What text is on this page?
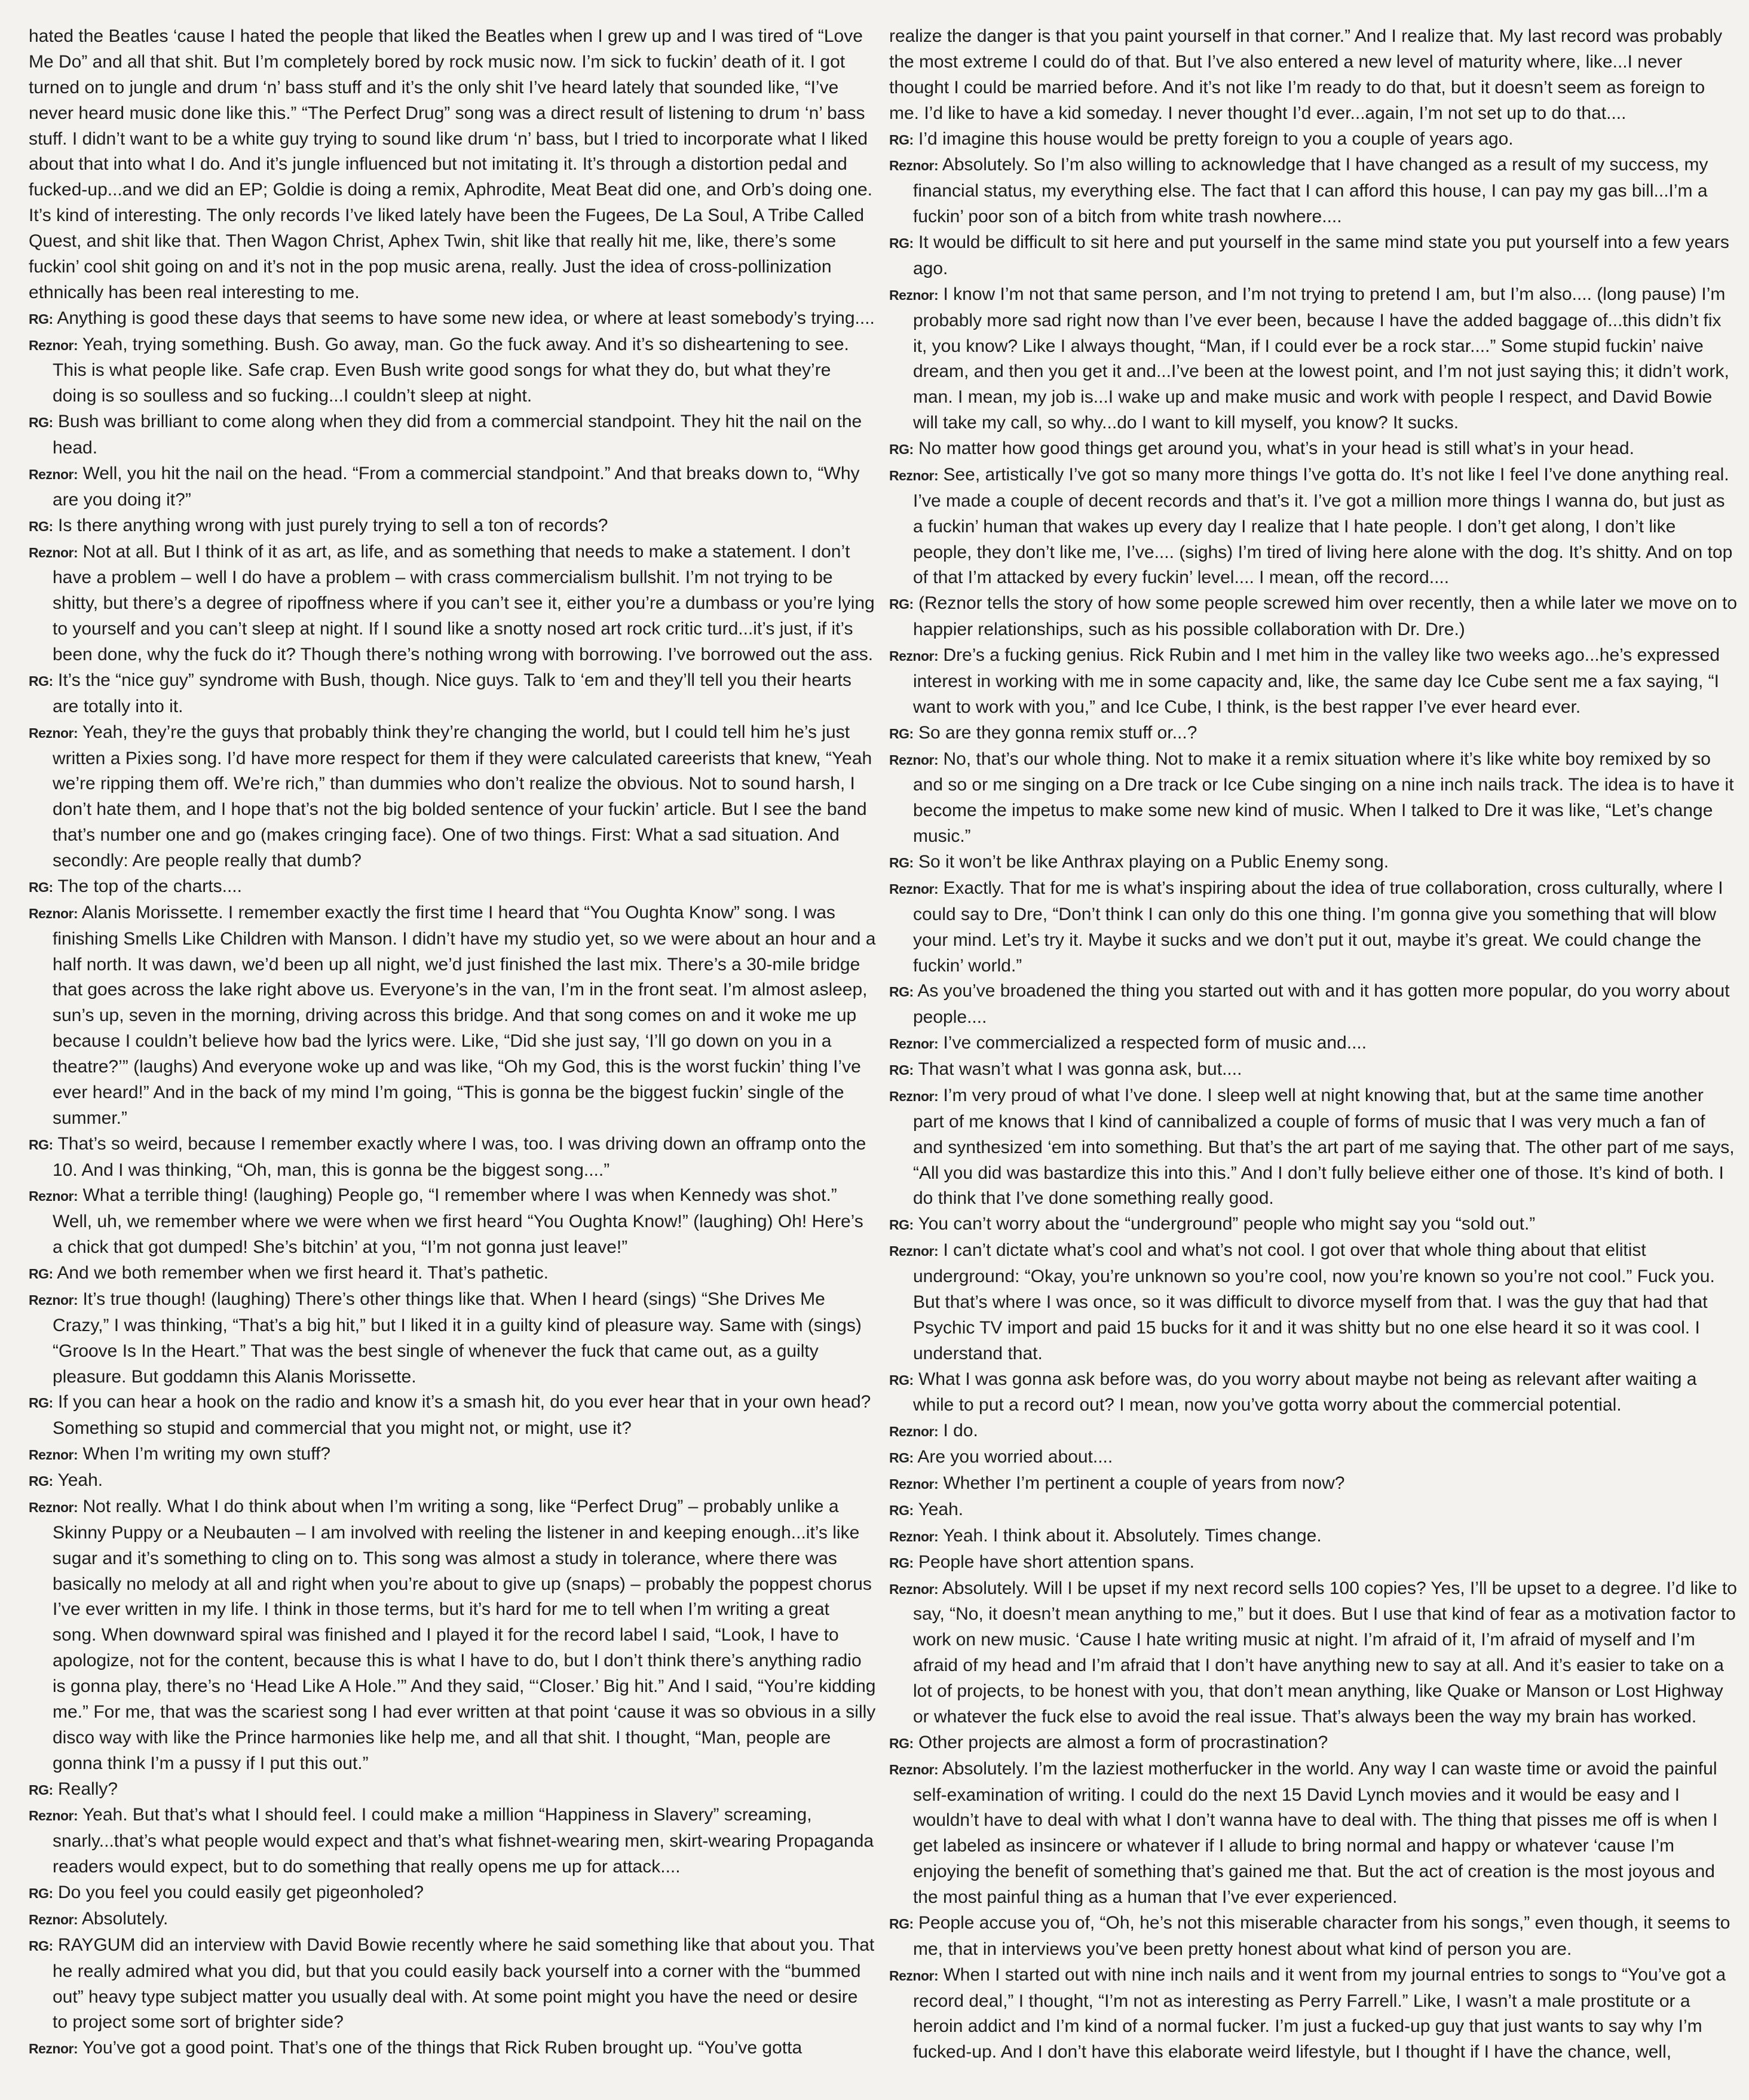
hated the Beatles ‘cause I hated the people that liked the Beatles when I grew up and I was tired of “Love Me Do” and all that shit. But I’m completely bored by rock music now. I’m sick to fuckin’ death of it. I got turned on to jungle and drum ‘n’ bass stuff and it’s the only shit I’ve heard lately that sounded like, “I’ve never heard music done like this.” “The Perfect Drug” song was a direct result of listening to drum ‘n’ bass stuff. I didn’t want to be a white guy trying to sound like drum ‘n’ bass, but I tried to incorporate what I liked about that into what I do. And it’s jungle influenced but not imitating it. It’s through a distortion pedal and fucked-up...and we did an EP; Goldie is doing a remix, Aphrodite, Meat Beat did one, and Orb’s doing one. It’s kind of interesting. The only records I’ve liked lately have been the Fugees, De La Soul, A Tribe Called Quest, and shit like that. Then Wagon Christ, Aphex Twin, shit like that really hit me, like, there’s some fuckin’ cool shit going on and it’s not in the pop music arena, really. Just the idea of cross-pollinization ethnically has been real interesting to me.

RG: Anything is good these days that seems to have some new idea, or where at least somebody’s trying....

Reznor: Yeah, trying something. Bush. Go away, man. Go the fuck away. And it’s so disheartening to see. This is what people like. Safe crap. Even Bush write good songs for what they do, but what they’re doing is so soulless and so fucking...I couldn’t sleep at night.

RG: Bush was brilliant to come along when they did from a commercial standpoint. They hit the nail on the head.

Reznor: Well, you hit the nail on the head. “From a commercial standpoint.” And that breaks down to, “Why are you doing it?”

RG: Is there anything wrong with just purely trying to sell a ton of records?

Reznor: Not at all. But I think of it as art, as life, and as something that needs to make a statement. I don’t have a problem – well I do have a problem – with crass commercialism bullshit. I’m not trying to be shitty, but there’s a degree of ripoffness where if you can’t see it, either you’re a dumbass or you’re lying to yourself and you can’t sleep at night. If I sound like a snotty nosed art rock critic turd...it’s just, if it’s been done, why the fuck do it? Though there’s nothing wrong with borrowing. I’ve borrowed out the ass.

RG: It’s the “nice guy” syndrome with Bush, though. Nice guys. Talk to ‘em and they’ll tell you their hearts are totally into it.

Reznor: Yeah, they’re the guys that probably think they’re changing the world, but I could tell him he’s just written a Pixies song. I’d have more respect for them if they were calculated careerists that knew, “Yeah we’re ripping them off. We’re rich,” than dummies who don’t realize the obvious. Not to sound harsh, I don’t hate them, and I hope that’s not the big bolded sentence of your fuckin’ article. But I see the band that’s number one and go (makes cringing face). One of two things. First: What a sad situation. And secondly: Are people really that dumb?

RG: The top of the charts....

Reznor: Alanis Morissette. I remember exactly the first time I heard that “You Oughta Know” song. I was finishing Smells Like Children with Manson. I didn’t have my studio yet, so we were about an hour and a half north. It was dawn, we’d been up all night, we’d just finished the last mix. There’s a 30-mile bridge that goes across the lake right above us. Everyone’s in the van, I’m in the front seat. I’m almost asleep, sun’s up, seven in the morning, driving across this bridge. And that song comes on and it woke me up because I couldn’t believe how bad the lyrics were. Like, “Did she just say, ‘I’ll go down on you in a theatre?’” (laughs) And everyone woke up and was like, “Oh my God, this is the worst fuckin’ thing I’ve ever heard!” And in the back of my mind I’m going, “This is gonna be the biggest fuckin’ single of the summer.”

RG: That’s so weird, because I remember exactly where I was, too. I was driving down an offramp onto the 10. And I was thinking, “Oh, man, this is gonna be the biggest song....”

Reznor: What a terrible thing! (laughing) People go, “I remember where I was when Kennedy was shot.” Well, uh, we remember where we were when we first heard “You Oughta Know!” (laughing) Oh! Here’s a chick that got dumped! She’s bitchin’ at you, “I’m not gonna just leave!”

RG: And we both remember when we first heard it. That’s pathetic.

Reznor: It’s true though! (laughing) There’s other things like that. When I heard (sings) “She Drives Me Crazy,” I was thinking, “That’s a big hit,” but I liked it in a guilty kind of pleasure way. Same with (sings) “Groove Is In the Heart.” That was the best single of whenever the fuck that came out, as a guilty pleasure. But goddamn this Alanis Morissette.

RG: If you can hear a hook on the radio and know it’s a smash hit, do you ever hear that in your own head? Something so stupid and commercial that you might not, or might, use it?

Reznor: When I’m writing my own stuff?

RG: Yeah.

Reznor: Not really. What I do think about when I’m writing a song, like “Perfect Drug” – probably unlike a Skinny Puppy or a Neubauten – I am involved with reeling the listener in and keeping enough...it’s like sugar and it’s something to cling on to. This song was almost a study in tolerance, where there was basically no melody at all and right when you’re about to give up (snaps) – probably the poppest chorus I’ve ever written in my life. I think in those terms, but it’s hard for me to tell when I’m writing a great song. When downward spiral was finished and I played it for the record label I said, “Look, I have to apologize, not for the content, because this is what I have to do, but I don’t think there’s anything radio is gonna play, there’s no ‘Head Like A Hole.’” And they said, “‘Closer.’ Big hit.” And I said, “You’re kidding me.” For me, that was the scariest song I had ever written at that point ‘cause it was so obvious in a silly disco way with like the Prince harmonies like help me, and all that shit. I thought, “Man, people are gonna think I’m a pussy if I put this out.”

RG: Really?

Reznor: Yeah. But that’s what I should feel. I could make a million “Happiness in Slavery” screaming, snarly...that’s what people would expect and that’s what fishnet-wearing men, skirt-wearing Propaganda readers would expect, but to do something that really opens me up for attack....

RG: Do you feel you could easily get pigeonholed?

Reznor: Absolutely.

RG: RAYGUM did an interview with David Bowie recently where he said something like that about you. That he really admired what you did, but that you could easily back yourself into a corner with the “bummed out” heavy type subject matter you usually deal with. At some point might you have the need or desire to project some sort of brighter side?

Reznor: You’ve got a good point. That’s one of the things that Rick Ruben brought up. “You’ve gotta

realize the danger is that you paint yourself in that corner.” And I realize that. My last record was probably the most extreme I could do of that. But I’ve also entered a new level of maturity where, like...I never thought I could be married before. And it’s not like I’m ready to do that, but it doesn’t seem as foreign to me. I’d like to have a kid someday. I never thought I’d ever...again, I’m not set up to do that....

RG: I’d imagine this house would be pretty foreign to you a couple of years ago.

Reznor: Absolutely. So I’m also willing to acknowledge that I have changed as a result of my success, my financial status, my everything else. The fact that I can afford this house, I can pay my gas bill...I’m a fuckin’ poor son of a bitch from white trash nowhere....

RG: It would be difficult to sit here and put yourself in the same mind state you put yourself into a few years ago.

Reznor: I know I’m not that same person, and I’m not trying to pretend I am, but I’m also.... (long pause) I’m probably more sad right now than I’ve ever been, because I have the added baggage of...this didn’t fix it, you know? Like I always thought, “Man, if I could ever be a rock star....” Some stupid fuckin’ naive dream, and then you get it and...I’ve been at the lowest point, and I’m not just saying this; it didn’t work, man. I mean, my job is...I wake up and make music and work with people I respect, and David Bowie will take my call, so why...do I want to kill myself, you know? It sucks.

RG: No matter how good things get around you, what’s in your head is still what’s in your head.

Reznor: See, artistically I’ve got so many more things I’ve gotta do. It’s not like I feel I’ve done anything real. I’ve made a couple of decent records and that’s it. I’ve got a million more things I wanna do, but just as a fuckin’ human that wakes up every day I realize that I hate people. I don’t get along, I don’t like people, they don’t like me, I’ve.... (sighs) I’m tired of living here alone with the dog. It’s shitty. And on top of that I’m attacked by every fuckin’ level.... I mean, off the record....

RG: (Reznor tells the story of how some people screwed him over recently, then a while later we move on to happier relationships, such as his possible collaboration with Dr. Dre.)

Reznor: Dre’s a fucking genius. Rick Rubin and I met him in the valley like two weeks ago...he’s expressed interest in working with me in some capacity and, like, the same day Ice Cube sent me a fax saying, “I want to work with you,” and Ice Cube, I think, is the best rapper I’ve ever heard ever.

RG: So are they gonna remix stuff or...?

Reznor: No, that’s our whole thing. Not to make it a remix situation where it’s like white boy remixed by so and so or me singing on a Dre track or Ice Cube singing on a nine inch nails track. The idea is to have it become the impetus to make some new kind of music. When I talked to Dre it was like, “Let’s change music.”

RG: So it won’t be like Anthrax playing on a Public Enemy song.

Reznor: Exactly. That for me is what’s inspiring about the idea of true collaboration, cross culturally, where I could say to Dre, “Don’t think I can only do this one thing. I’m gonna give you something that will blow your mind. Let’s try it. Maybe it sucks and we don’t put it out, maybe it’s great. We could change the fuckin’ world.”

RG: As you’ve broadened the thing you started out with and it has gotten more popular, do you worry about people....

Reznor: I’ve commercialized a respected form of music and....

RG: That wasn’t what I was gonna ask, but....

Reznor: I’m very proud of what I’ve done. I sleep well at night knowing that, but at the same time another part of me knows that I kind of cannibalized a couple of forms of music that I was very much a fan of and synthesized ‘em into something. But that’s the art part of me saying that. The other part of me says, “All you did was bastardize this into this.” And I don’t fully believe either one of those. It’s kind of both. I do think that I’ve done something really good.

RG: You can’t worry about the “underground” people who might say you “sold out.”

Reznor: I can’t dictate what’s cool and what’s not cool. I got over that whole thing about that elitist underground: “Okay, you’re unknown so you’re cool, now you’re known so you’re not cool.” Fuck you. But that’s where I was once, so it was difficult to divorce myself from that. I was the guy that had that Psychic TV import and paid 15 bucks for it and it was shitty but no one else heard it so it was cool. I understand that.

RG: What I was gonna ask before was, do you worry about maybe not being as relevant after waiting a while to put a record out? I mean, now you’ve gotta worry about the commercial potential.

Reznor: I do.

RG: Are you worried about....

Reznor: Whether I’m pertinent a couple of years from now?

RG: Yeah.

Reznor: Yeah. I think about it. Absolutely. Times change.

RG: People have short attention spans.

Reznor: Absolutely. Will I be upset if my next record sells 100 copies? Yes, I’ll be upset to a degree. I’d like to say, “No, it doesn’t mean anything to me,” but it does. But I use that kind of fear as a motivation factor to work on new music. ‘Cause I hate writing music at night. I’m afraid of it, I’m afraid of myself and I’m afraid of my head and I’m afraid that I don’t have anything new to say at all. And it’s easier to take on a lot of projects, to be honest with you, that don’t mean anything, like Quake or Manson or Lost Highway or whatever the fuck else to avoid the real issue. That’s always been the way my brain has worked.

RG: Other projects are almost a form of procrastination?

Reznor: Absolutely. I’m the laziest motherfucker in the world. Any way I can waste time or avoid the painful self-examination of writing. I could do the next 15 David Lynch movies and it would be easy and I wouldn’t have to deal with what I don’t wanna have to deal with. The thing that pisses me off is when I get labeled as insincere or whatever if I allude to bring normal and happy or whatever ‘cause I’m enjoying the benefit of something that’s gained me that. But the act of creation is the most joyous and the most painful thing as a human that I’ve ever experienced.

RG: People accuse you of, “Oh, he’s not this miserable character from his songs,” even though, it seems to me, that in interviews you’ve been pretty honest about what kind of person you are.

Reznor: When I started out with nine inch nails and it went from my journal entries to songs to “You’ve got a record deal,” I thought, “I’m not as interesting as Perry Farrell.” Like, I wasn’t a male prostitute or a heroin addict and I’m kind of a normal fucker. I’m just a fucked-up guy that just wants to say why I’m fucked-up. And I don’t have this elaborate weird lifestyle, but I thought if I have the chance, well,
